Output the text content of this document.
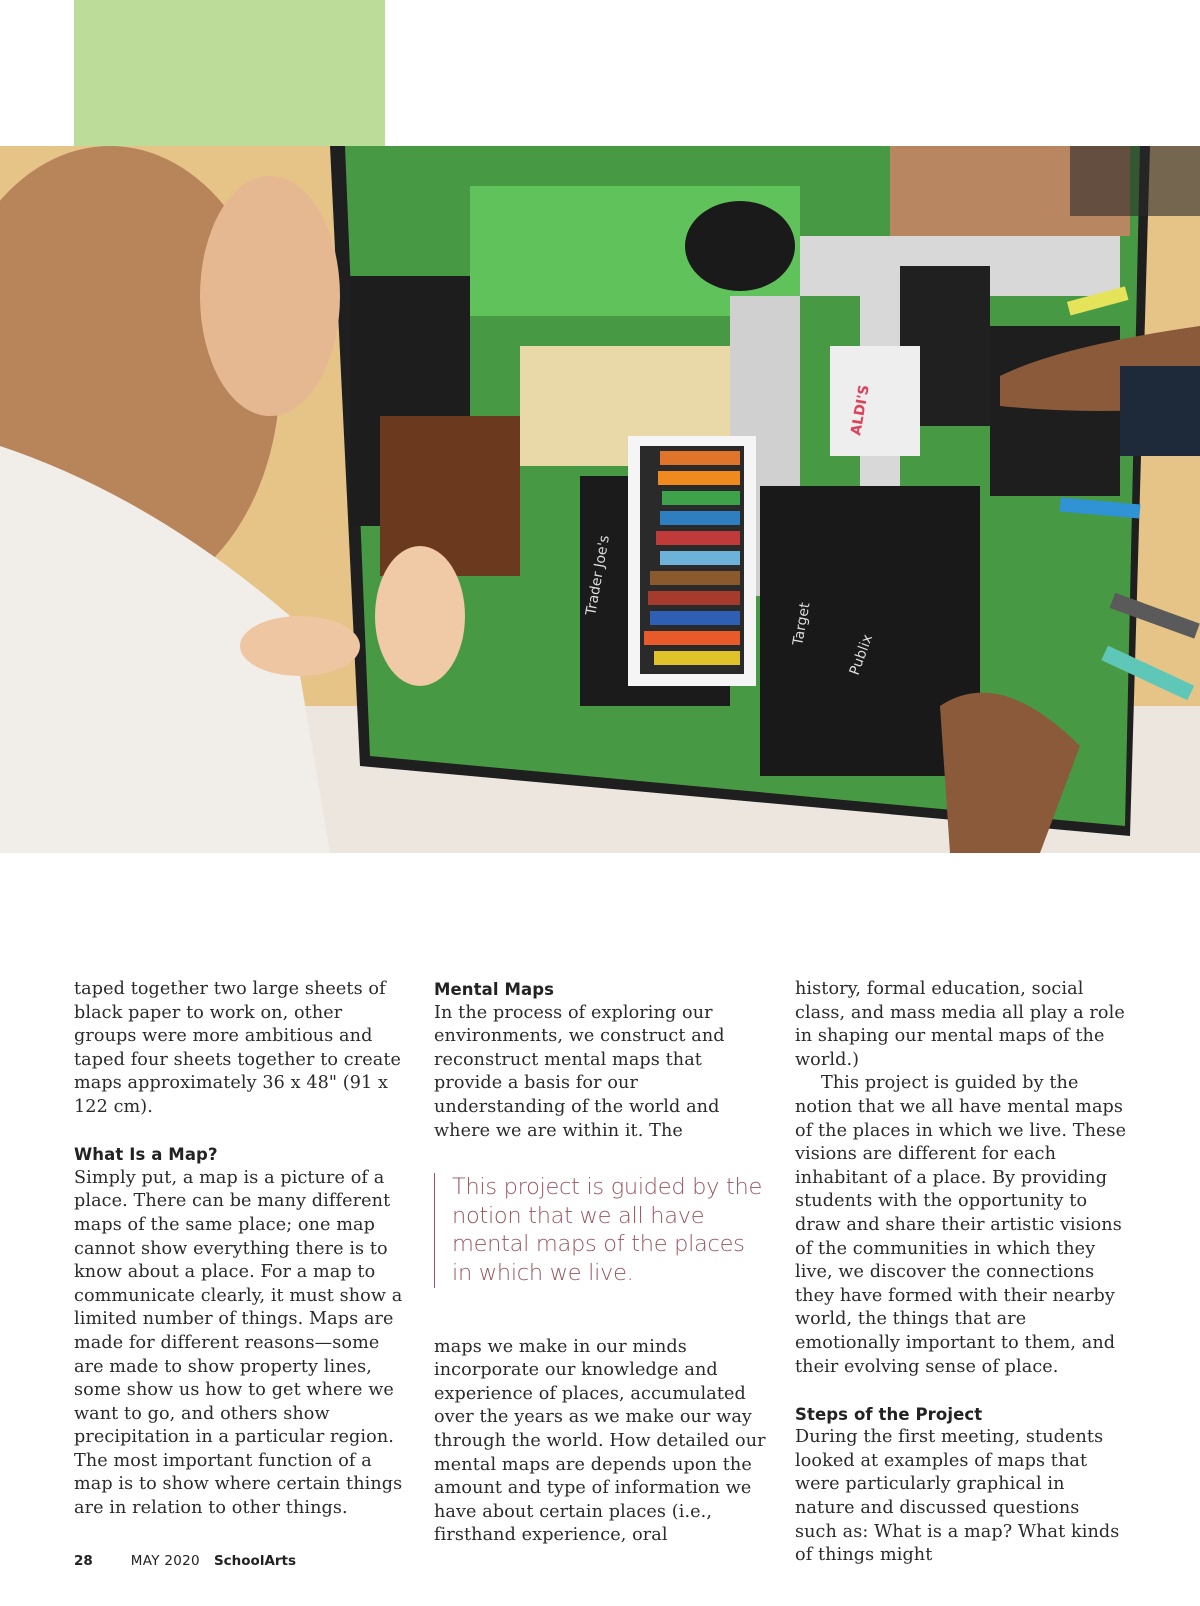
Trader Joe's
Target
Publix
ALDI'S

taped together two large sheets of black paper to work on, other groups were more ambitious and taped four sheets together to create maps approximately 36 x 48" (91 x 122 cm).

What Is a Map?

Simply put, a map is a picture of a place. There can be many different maps of the same place; one map cannot show everything there is to know about a place. For a map to communicate clearly, it must show a limited number of things. Maps are made for different reasons—some are made to show property lines, some show us how to get where we want to go, and others show precipitation in a particular region. The most important function of a map is to show where certain things are in relation to other things.

Mental Maps

In the process of exploring our environments, we construct and reconstruct mental maps that provide a basis for our understanding of the world and where we are within it. The

This project is guided by the notion that we all have mental maps of the places in which we live.

maps we make in our minds incorporate our knowledge and experience of places, accumulated over the years as we make our way through the world. How detailed our mental maps are depends upon the amount and type of information we have about certain places (i.e., firsthand experience, oral

history, formal education, social class, and mass media all play a role in shaping our mental maps of the world.)

This project is guided by the notion that we all have mental maps of the places in which we live. These visions are different for each inhabitant of a place. By providing students with the opportunity to draw and share their artistic visions of the communities in which they live, we discover the connections they have formed with their nearby world, the things that are emotionally important to them, and their evolving sense of place.

Steps of the Project

During the first meeting, students looked at examples of maps that were particularly graphical in nature and discussed questions such as: What is a map? What kinds of things might

28	MAY 2020 SchoolArts
